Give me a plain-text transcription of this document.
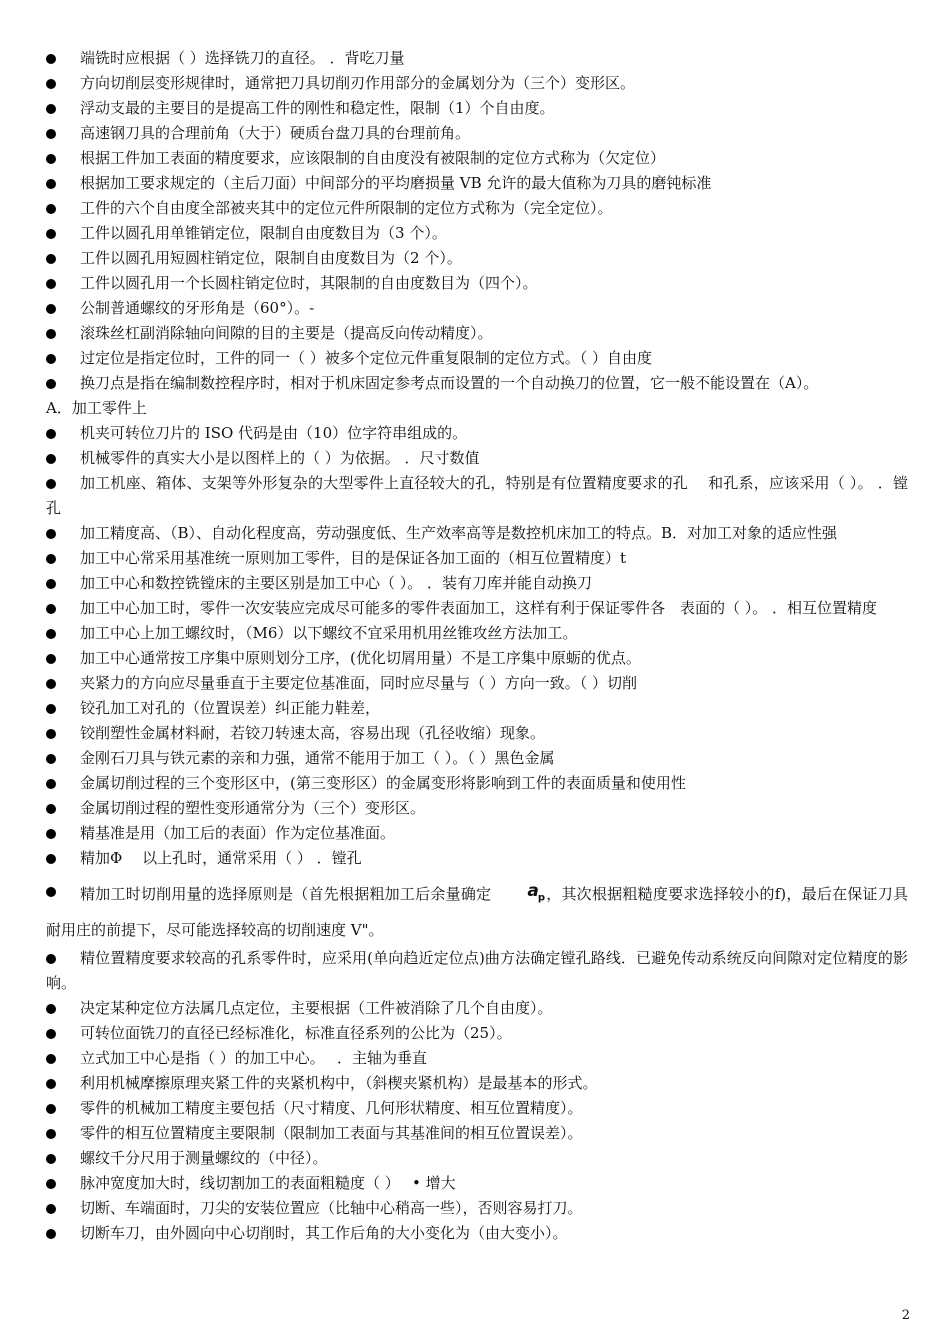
端铣时应根据（ ）选择铣刀的直径。 ．背吃刀量
方向切削层变形规律时，通常把刀具切削刃作用部分的金属划分为（三个）变形区。
浮动支最的主要目的是提高工件的刚性和稳定性，限制（1）个自由度。
高速钢刀具的合理前角（大于）硬质台盘刀具的台理前角。
根据工件加工表面的精度要求，应该限制的自由度没有被限制的定位方式称为（欠定位）
根据加工要求规定的（主后刀面）中间部分的平均磨损量 VB 允许的最大值称为刀具的磨钝标准
工件的六个自由度全部被夹其中的定位元件所限制的定位方式称为（完全定位）。
工件以圆孔用单锥销定位，限制自由度数目为（3 个）。
工件以圆孔用短圆柱销定位，限制自由度数目为（2 个）。
工件以圆孔用一个长圆柱销定位时，其限制的自由度数目为（四个）。
公制普通螺纹的牙形角是（60°）。-
滚珠丝杠副消除轴向间隙的目的主要是（提高反向传动精度）。
过定位是指定位时，工件的同一（ ）被多个定位元件重复限制的定位方式。（ ）自由度
换刀点是指在编制数控程序时，相对于机床固定参考点而设置的一个自动换刀的位置，它一般不能设置在（A）。
A．加工零件上
机夹可转位刀片的 ISO 代码是由（10）位字符串组成的。
机械零件的真实大小是以图样上的（ ）为依据。 ．尺寸数值
加工机座、箱体、支架等外形复杂的大型零件上直径较大的孔，特别是有位置精度要求的孔　 和孔系，应该采用（ ）。 ．镗孔
加工精度高、（B）、自动化程度高，劳动强度低、生产效率高等是数控机床加工的特点。B．对加工对象的适应性强
加工中心常采用基准统一原则加工零件，目的是保证各加工面的（相互位置精度）t
加工中心和数控铣镗床的主要区别是加工中心（ ）。 ．装有刀库并能自动换刀
加工中心加工时，零件一次安装应完成尽可能多的零件表面加工，这样有利于保证零件各　表面的（ ）。 ．相互位置精度
加工中心上加工螺纹时，（M6）以下螺纹不宜采用机用丝锥攻丝方法加工。
加工中心通常按工序集中原则划分工序，(优化切屑用量）不是工序集中原蛎的优点。
夹紧力的方向应尽量垂直于主要定位基准面，同时应尽量与（ ）方向一致。（ ）切削
铰孔加工对孔的（位置误差）纠正能力鞋差，
铰削塑性金属材料耐，若铰刀转速太高，容易出现（孔径收缩）现象。
金刚石刀具与铁元素的亲和力强，通常不能用于加工（ ）。（ ）黑色金属
金属切削过程的三个变形区中，(第三变形区）的金属变形将影响到工件的表面质量和使用性
金属切削过程的塑性变形通常分为（三个）变形区。
精基准是用（加工后的表面）作为定位基准面。
精加Φ　 以上孔时，通常采用（ ） ．镗孔
精加工时切削用量的选择原则是（首先根据粗加工后余量确定 $a_p$ ，其次根据粗糙度要求选择较小的f)，最后在保证刀具耐用庄的前提下，尽可能选择较高的切削速度 V"。
精位置精度要求较高的孔系零件时，应采用(单向趋近定位点)曲方法确定镗孔路线．已避免传动系统反向间隙对定位精度的影响。
决定某种定位方法属几点定位，主要根据（工件被消除了几个自由度）。
可转位面铣刀的直径已经标准化，标准直径系列的公比为（25）。
立式加工中心是指（ ）的加工中心。　 ．主轴为垂直
利用机械摩擦原理夹紧工件的夹紧机构中，（斜楔夹紧机构）是最基本的形式。
零件的机械加工精度主要包括（尺寸精度、几何形状精度、相互位置精度）。
零件的相互位置精度主要限制（限制加工表面与其基准间的相互位置误差）。
螺纹千分尺用于测量螺纹的（中径）。
脉冲宽度加大时，线切割加工的表面粗糙度（ ）　 • 增大
切断、车端面时，刀尖的安装位置应（比轴中心稍高一些），否则容易打刀。
切断车刀，由外圆向中心切削时，其工作后角的大小变化为（由大变小）。
2
